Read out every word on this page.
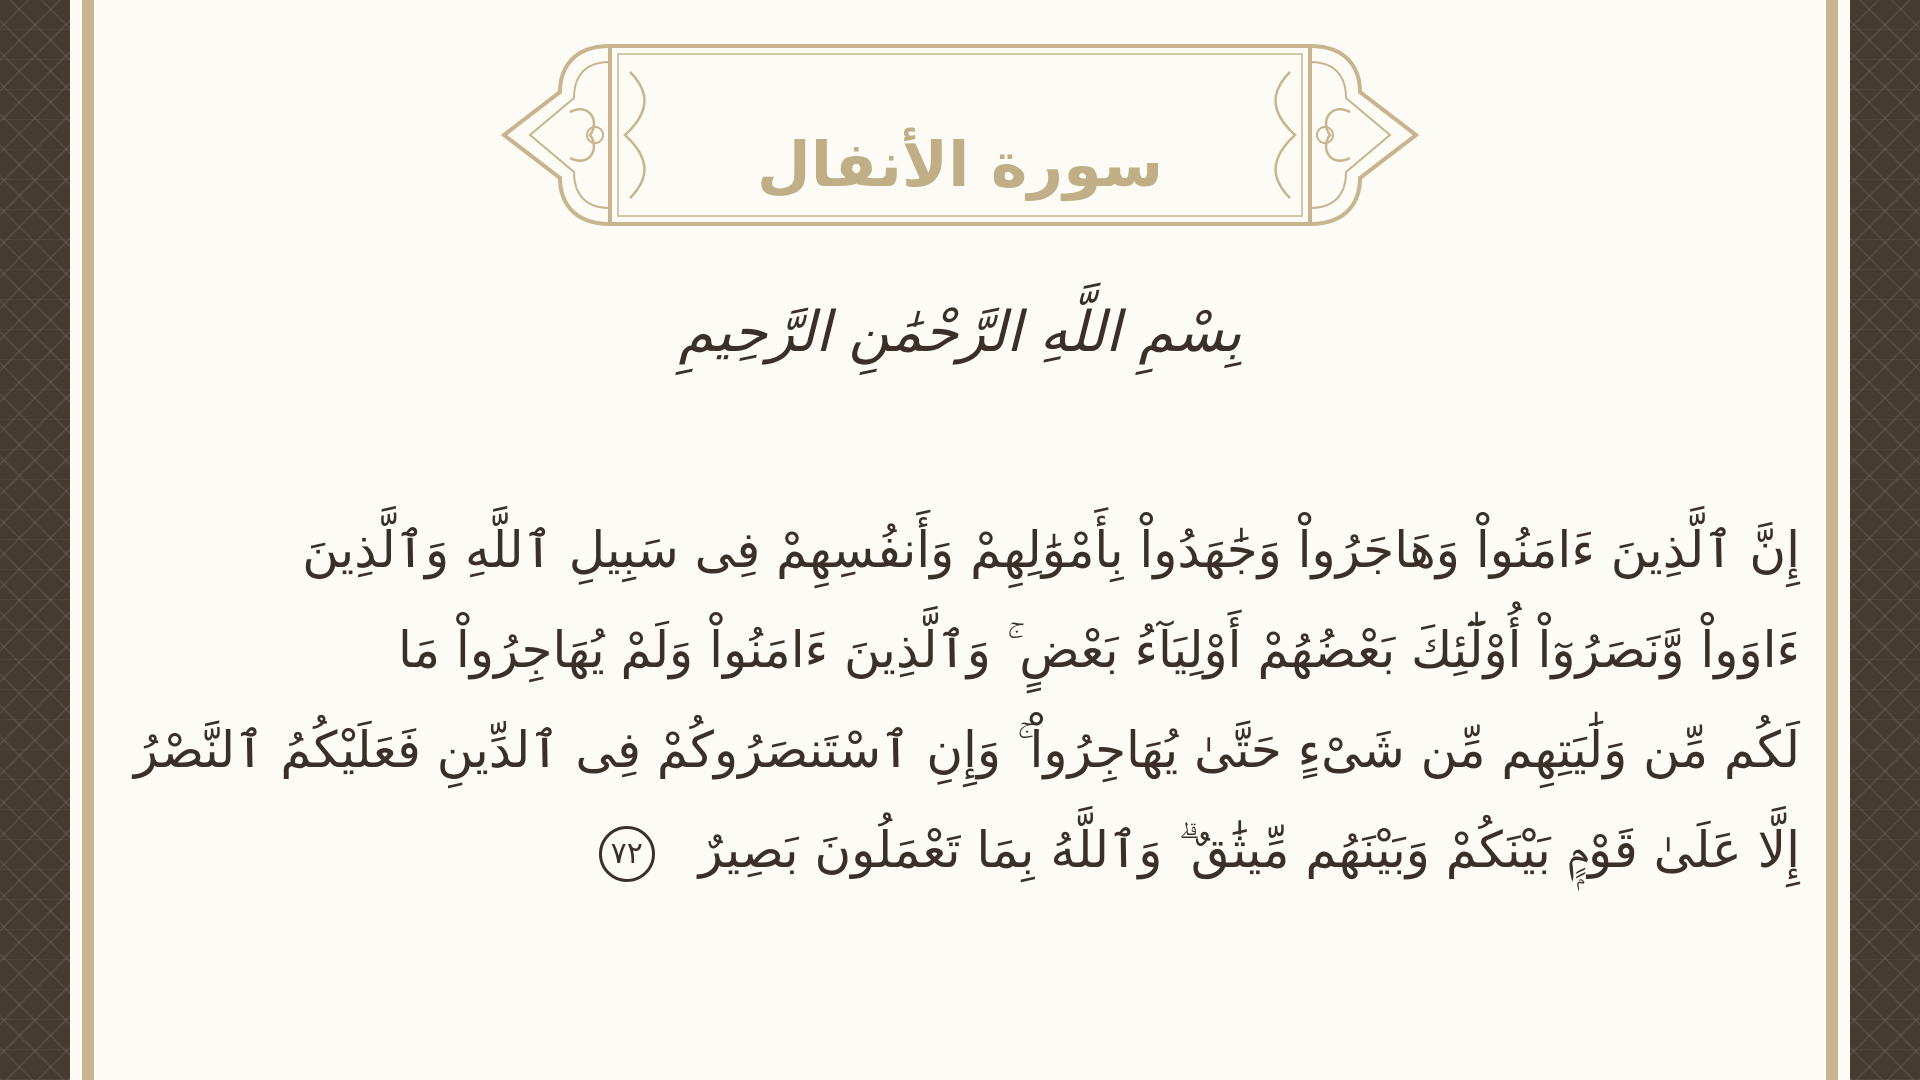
سورة الأنفال
بِسْمِ اللَّهِ الرَّحْمَٰنِ الرَّحِيمِ
إِنَّ ٱلَّذِينَ ءَامَنُواْ وَهَاجَرُواْ وَجَٰهَدُواْ بِأَمْوَٰلِهِمْ وَأَنفُسِهِمْ فِى سَبِيلِ ٱللَّهِ وَٱلَّذِينَ
ءَاوَواْ وَّنَصَرُوٓاْ أُوْلَٰٓئِكَ بَعْضُهُمْ أَوْلِيَآءُ بَعْضٍ ۚ وَٱلَّذِينَ ءَامَنُواْ وَلَمْ يُهَاجِرُواْ مَا
لَكُم مِّن وَلَٰيَتِهِم مِّن شَىْءٍ حَتَّىٰ يُهَاجِرُواْ ۚ وَإِنِ ٱسْتَنصَرُوكُمْ فِى ٱلدِّينِ فَعَلَيْكُمُ ٱلنَّصْرُ
إِلَّا عَلَىٰ قَوْمٍۭ بَيْنَكُمْ وَبَيْنَهُم مِّيثَٰقٌ ۗ وَٱللَّهُ بِمَا تَعْمَلُونَ بَصِيرٌ ٧٢
